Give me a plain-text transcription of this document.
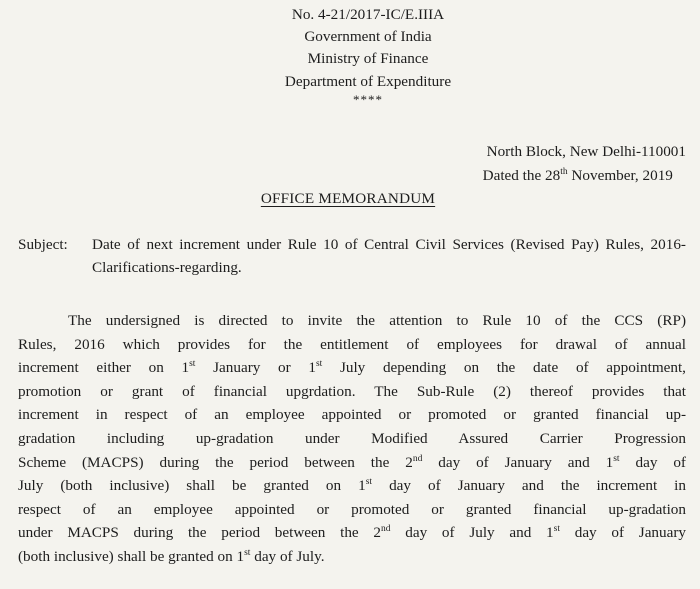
No. 4-21/2017-IC/E.IIIA
Government of India
Ministry of Finance
Department of Expenditure
****
North Block, New Delhi-110001
Dated the 28th November, 2019
OFFICE MEMORANDUM
Subject:	Date of next increment under Rule 10 of Central Civil Services (Revised Pay) Rules, 2016- Clarifications-regarding.
The undersigned is directed to invite the attention to Rule 10 of the CCS (RP)
Rules, 2016 which provides for the entitlement of employees for drawal of annual
increment either on 1st January or 1st July depending on the date of appointment,
promotion or grant of financial upgrdation. The Sub-Rule (2) thereof provides that
increment in respect of an employee appointed or promoted or granted financial up-
gradation including up-gradation under Modified Assured Carrier Progression
Scheme (MACPS) during the period between the 2nd day of January and 1st day of
July (both inclusive) shall be granted on 1st day of January and the increment in
respect of an employee appointed or promoted or granted financial up-gradation
under MACPS during the period between the 2nd day of July and 1st day of January
(both inclusive) shall be granted on 1st day of July.
